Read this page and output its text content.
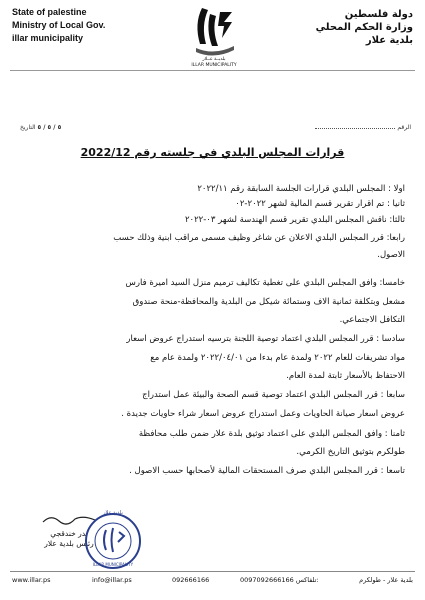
State of palestine
Ministry of Local Gov.
illar municipality
دولة فلسطين
وزارة الحكم المحلي
بلدية علار
بلديــة عــلار
ILLAR MUNICIPALITY
الرقم
٥ / ٥ / ٥ التاريخ
قرارات المجلس البلدي في جلسته رقم 2022/12
اولا : المجلس البلدي قرارات الجلسة السابقة رقم ٢٠٢٢/١١
ثانيا : تم اقرار تقرير قسم المالية لشهر ٢٠٢٢-٠٢
ثالثا: ناقش المجلس البلدي تقرير قسم الهندسة لشهر ٠٣-٢٠٢٢
رابعا: قرر المجلس البلدي الاعلان عن شاغر وظيف مسمى مراقب ابنية وذلك حسب
الاصول.
خامسا: وافق المجلس البلدي على تغطية تكاليف ترميم منزل السيد اميرة فارس
مشعل وبتكلفة ثمانية الاف وستمائة شيكل من البلدية والمحافظة-منحة صندوق
التكافل الاجتماعي.
سادسا : قرر المجلس البلدي اعتماد توصية اللجنة بترسيه استدراج عروض اسعار
مواد تشريفات للعام ٢٠٢٢ ولمدة عام بدءا من ٢٠٢٢/٠٤/٠١ ولمدة عام مع
الاحتفاظ بالأسعار ثابتة لمدة العام.
سابعا : قرر المجلس البلدي اعتماد توصية قسم الصحة والبيئة عمل استدراج
عروض اسعار صيانة الحاويات وعمل استدراج عروض اسعار شراء حاويات جديدة .
ثامنا : وافق المجلس البلدي على اعتماد توثيق بلدة علار ضمن طلب محافظة
طولكرم بتوثيق التاريخ الكرمي.
تاسعا : قرر المجلس البلدي صرف المستحقات المالية لأصحابها حسب الاصول .
بدر خندقجي
رئيس بلدية علار
بلدية علار
ILLAR MUNICIPALITY
www.illar.ps	info@illar.ps	092666166	0097092666166 تلفاكس:	بلدية علار - طولكرم
